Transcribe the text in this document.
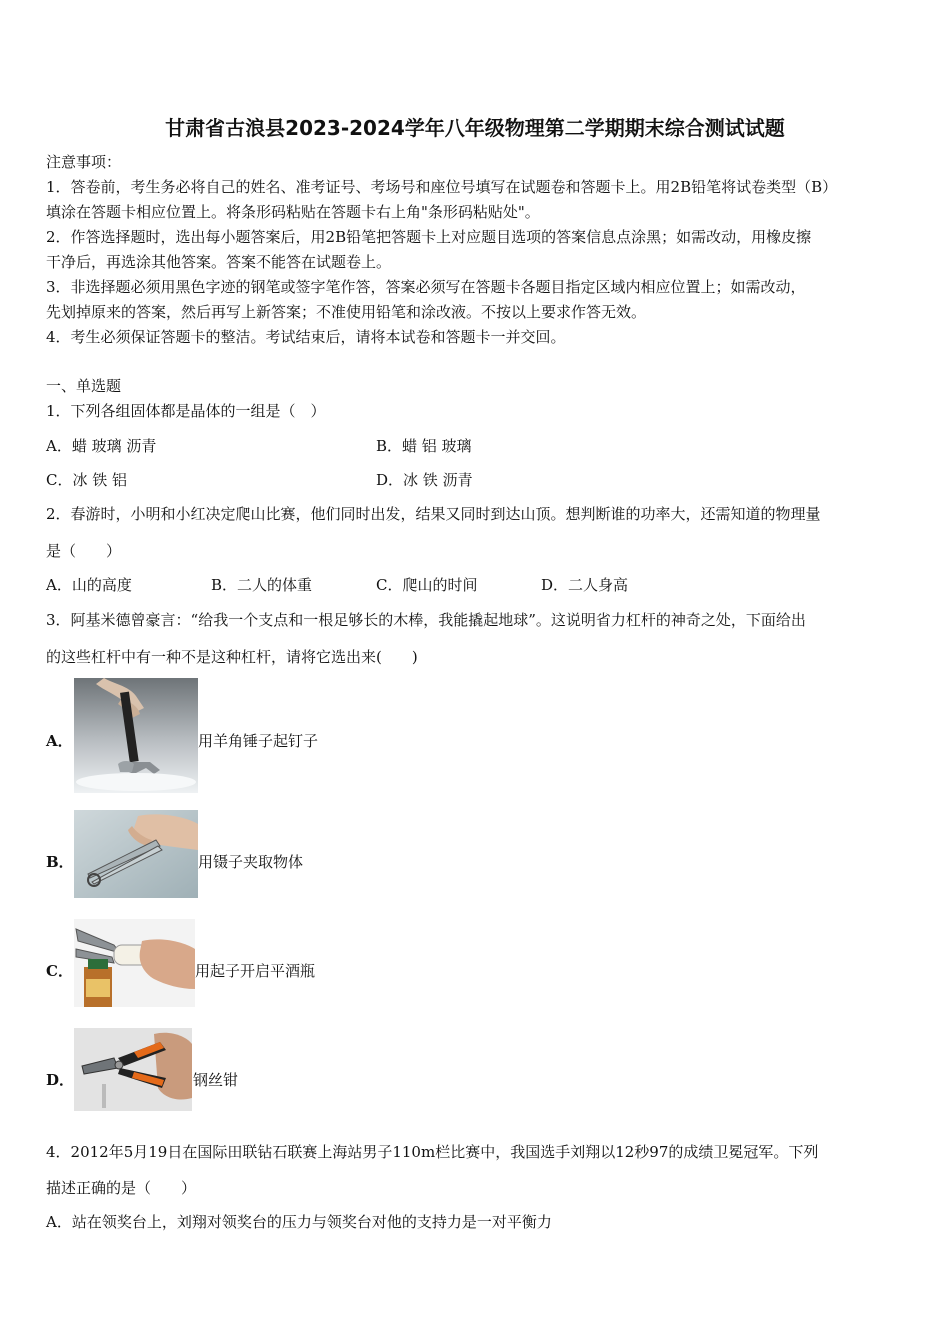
甘肃省古浪县2023-2024学年八年级物理第二学期期末综合测试试题
注意事项：
1．答卷前，考生务必将自己的姓名、准考证号、考场号和座位号填写在试题卷和答题卡上。用2B铅笔将试卷类型（B）
填涂在答题卡相应位置上。将条形码粘贴在答题卡右上角"条形码粘贴处"。
2．作答选择题时，选出每小题答案后，用2B铅笔把答题卡上对应题目选项的答案信息点涂黑；如需改动，用橡皮擦
干净后，再选涂其他答案。答案不能答在试题卷上。
3．非选择题必须用黑色字迹的钢笔或签字笔作答，答案必须写在答题卡各题目指定区域内相应位置上；如需改动，
先划掉原来的答案，然后再写上新答案；不准使用铅笔和涂改液。不按以上要求作答无效。
4．考生必须保证答题卡的整洁。考试结束后，请将本试卷和答题卡一并交回。
一、单选题
1．下列各组固体都是晶体的一组是（　）
A．蜡 玻璃 沥青	B．蜡 铝 玻璃
C．冰 铁 铝	D．冰 铁 沥青
2．春游时，小明和小红决定爬山比赛，他们同时出发，结果又同时到达山顶。想判断谁的功率大，还需知道的物理量
是（　　）
A．山的高度	B．二人的体重	C．爬山的时间	D．二人身高
3．阿基米德曾豪言：“给我一个支点和一根足够长的木棒，我能撬起地球”。这说明省力杠杆的神奇之处，下面给出
的这些杠杆中有一种不是这种杠杆，请将它选出来(　　)
A．	用羊角锤子起钉子
B．	用镊子夹取物体
C．	用起子开启平酒瓶
D．	钢丝钳
4．2012年5月19日在国际田联钻石联赛上海站男子110m栏比赛中，我国选手刘翔以12秒97的成绩卫冕冠军。下列
描述正确的是（　　）
A．站在领奖台上，刘翔对领奖台的压力与领奖台对他的支持力是一对平衡力
